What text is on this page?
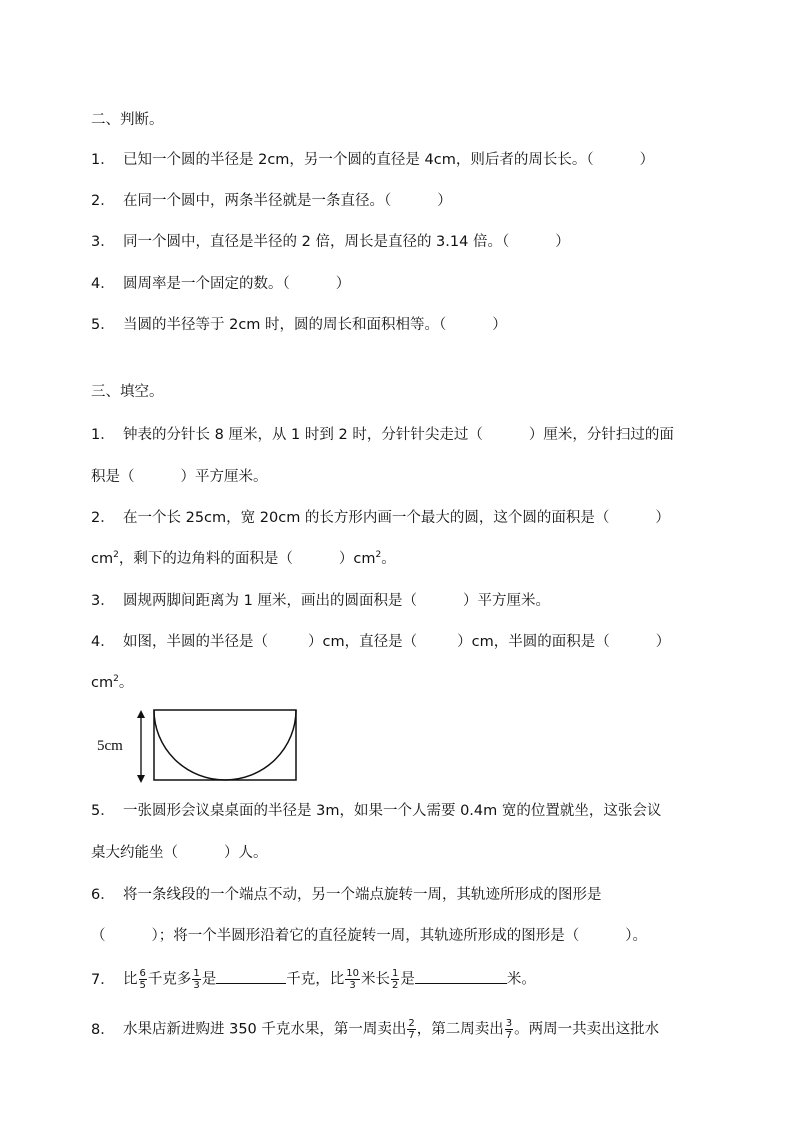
二、判断。
1． 已知一个圆的半径是 2cm，另一个圆的直径是 4cm，则后者的周长长。（	）
2． 在同一个圆中，两条半径就是一条直径。（	）
3． 同一个圆中，直径是半径的 2 倍，周长是直径的 3.14 倍。（	）
4． 圆周率是一个固定的数。（	）
5． 当圆的半径等于 2cm 时，圆的周长和面积相等。（	）
三、填空。
1． 钟表的分针长 8 厘米，从 1 时到 2 时，分针针尖走过（	）厘米，分针扫过的面
积是（	）平方厘米。
2． 在一个长 25cm，宽 20cm 的长方形内画一个最大的圆，这个圆的面积是（	）
$cm^2$，剩下的边角料的面积是（	）$cm^2$。
3． 圆规两脚间距离为 1 厘米，画出的圆面积是（	）平方厘米。
4． 如图，半圆的半径是（	）cm，直径是（	）cm，半圆的面积是（	）
$cm^2$。
5cm
5． 一张圆形会议桌桌面的半径是 3m，如果一个人需要 0.4m 宽的位置就坐，这张会议
桌大约能坐（	）人。
6． 将一条线段的一个端点不动，另一个端点旋转一周，其轨迹所形成的图形是
（	）；将一个半圆形沿着它的直径旋转一周，其轨迹所形成的图形是（	）。
7． 比 $\frac{6}{5}$ 千克多 $\frac{1}{3}$ 是	千克，比 $\frac{10}{3}$ 米长 $\frac{1}{2}$ 是	米。
8． 水果店新进购进 350 千克水果，第一周卖出 $\frac{2}{7}$ ，第二周卖出 $\frac{3}{7}$ 。两周一共卖出这批水
